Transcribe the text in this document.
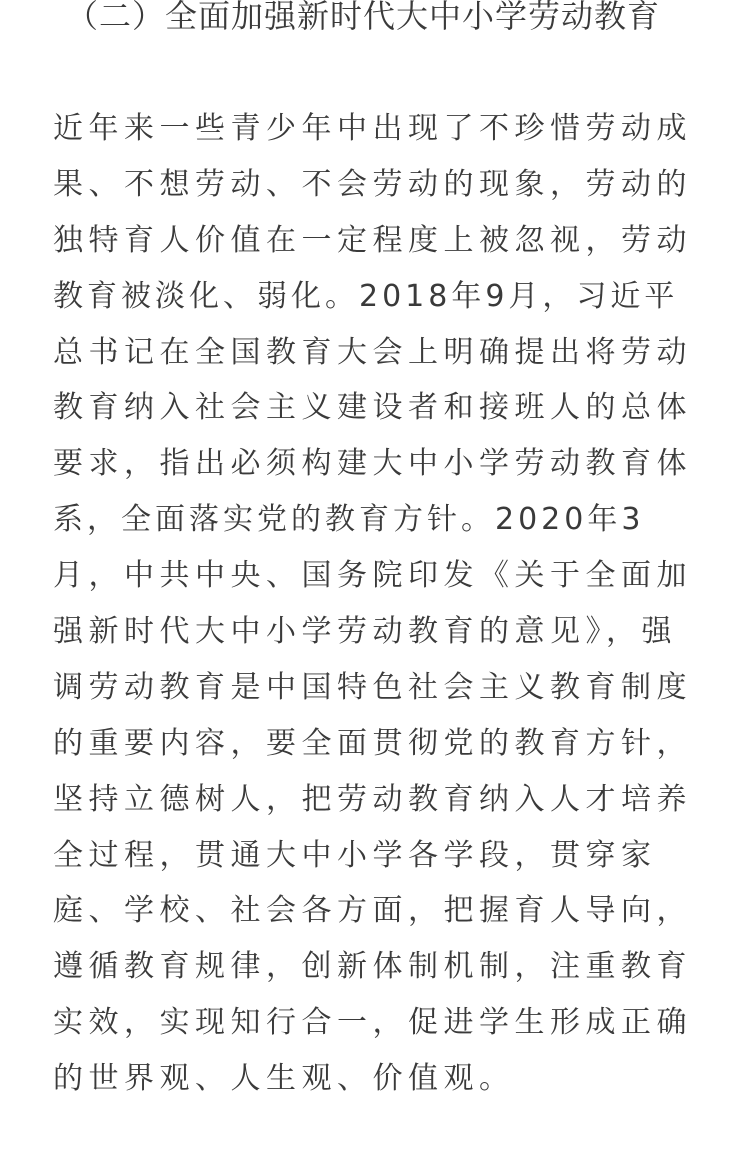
（二）全面加强新时代大中小学劳动教育
近年来一些青少年中出现了不珍惜劳动成
果、不想劳动、不会劳动的现象，劳动的
独特育人价值在一定程度上被忽视，劳动
教育被淡化、弱化。2018年9月，习近平
总书记在全国教育大会上明确提出将劳动
教育纳入社会主义建设者和接班人的总体
要求，指出必须构建大中小学劳动教育体
系，全面落实党的教育方针。2020年3
月，中共中央、国务院印发《关于全面加
强新时代大中小学劳动教育的意见》，强
调劳动教育是中国特色社会主义教育制度
的重要内容，要全面贯彻党的教育方针，
坚持立德树人，把劳动教育纳入人才培养
全过程，贯通大中小学各学段，贯穿家
庭、学校、社会各方面，把握育人导向，
遵循教育规律，创新体制机制，注重教育
实效，实现知行合一，促进学生形成正确
的世界观、人生观、价值观。
